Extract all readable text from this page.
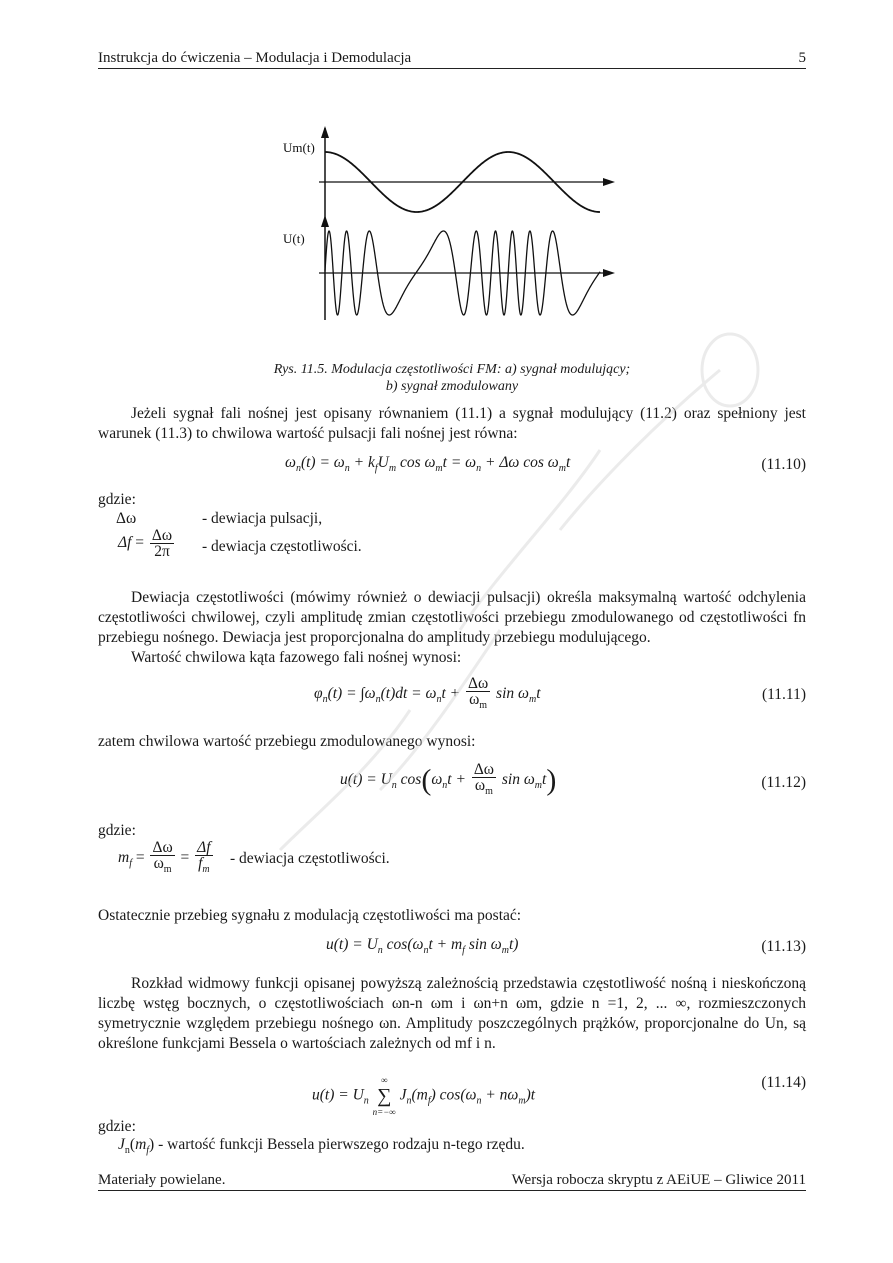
Instrukcja do ćwiczenia – Modulacja i Demodulacja	5
Um(t)
U(t)
Rys. 11.5. Modulacja częstotliwości FM: a) sygnał modulujący;
b) sygnał zmodulowany
Jeżeli sygnał fali nośnej jest opisany równaniem (11.1) a sygnał modulujący (11.2) oraz spełniony jest warunek (11.3) to chwilowa wartość pulsacji fali nośnej jest równa:
$\omega_n(t) = \omega_n + k_fU_m$ $\cos \omega_mt = \omega_n + \Delta\omega$ $\cos \omega_mt$	(11.10)
gdzie:
Δω	- dewiacja pulsacji,
$\Delta f = \frac{\Delta\omega}{2\pi}$ - dewiacja częstotliwości.
Dewiacja częstotliwości (mówimy również o dewiacji pulsacji) określa maksymalną wartość odchylenia częstotliwości chwilowej, czyli amplitudę zmian częstotliwości przebiegu zmodulowanego od częstotliwości fn przebiegu nośnego. Dewiacja jest proporcjonalna do amplitudy przebiegu modulującego.
Wartość chwilowa kąta fazowego fali nośnej wynosi:
$\varphi_n(t) = \int\omega_n(t)dt = \omega_nt + \frac{\Delta\omega}{\omega_m}$ $\sin \omega_mt$	(11.11)
zatem chwilowa wartość przebiegu zmodulowanego wynosi:
$u(t) = U_n$ $\cos(\omega_nt + \frac{\Delta\omega}{\omega_m}$ $\sin \omega_mt$)	(11.12)
gdzie:
$m_f = \frac{\Delta\omega}{\omega_m} = \frac{\Delta f}{f_m}$ - dewiacja częstotliwości.
Ostatecznie przebieg sygnału z modulacją częstotliwości ma postać:
$u(t) = U_n$ $\cos(\omega_nt + m_f$ $\sin \omega_mt$)	(11.13)
Rozkład widmowy funkcji opisanej powyższą zależnością przedstawia częstotliwość nośną i nieskończoną liczbę wstęg bocznych, o częstotliwościach ωn-n ωm i ωn+n ωm, gdzie n =1, 2, ... ∞, rozmieszczonych symetrycznie względem przebiegu nośnego ωn. Amplitudy poszczególnych prążków, proporcjonalne do Un, są określone funkcjami Bessela o wartościach zależnych od mf i n.
$u(t) = U_n$
∞
∑
n=−∞
$J_n(m_f) \cos(\omega_n + n\omega_m)t$
(11.14)
gdzie:
$J_n(m_f)$ - wartość funkcji Bessela pierwszego rodzaju n-tego rzędu.
Materiały powielane.	Wersja robocza skryptu z AEiUE – Gliwice 2011
